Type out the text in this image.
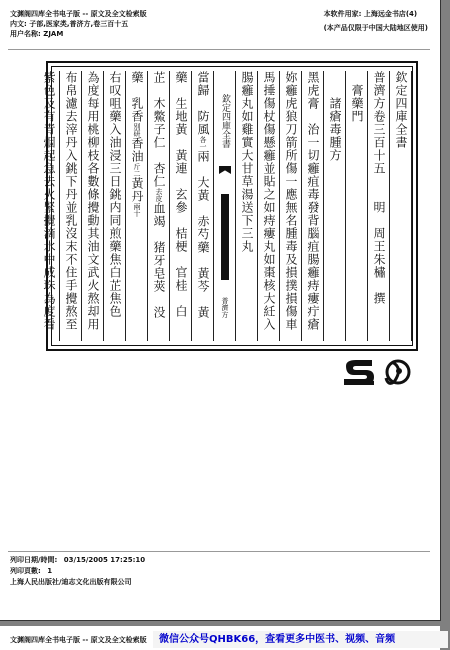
文渊阁四库全书电子版 -- 原文及全文检索版
内文: 子部,医家类,普济方,卷三百十五
用户名称: ZJAM
本软件用家: 上海远金书店(4)
(本产品仅限于中国大陆地区使用)
欽定四庫全書
普濟方卷三百十五　　明　周王朱橚　撰
　膏藥門
　　諸瘡毒腫方
黑虎膏　治一切癰疽毒發背腦疽腸癰痔瘻疔瘡
妳癰虎狼刀箭所傷一應無名腫毒及損撲損傷車
馬捶傷杖傷懸癰並貼之如痔瘻丸如棗核大紝入
腸癰丸如雞實大甘草湯送下三丸
欽定四庫全書   普濟方
當歸　防風各一兩　大黃　赤芍藥　黃芩　黃
藥　生地黃　黃連　玄參　桔梗　官桂　白
芷　木鱉子仁　杏仁去皮血竭　猪牙皂莢　没
藥　乳香別研香油斤二黃丹兩十
右叹咀藥入油浸三日銚内同煎藥焦白芷焦色
為度每用桃柳枝各數條攪動其油文武火熬却用
布帛濾去滓丹入銚下丹並乳沒末不住手攪熬至
紫色及有青烟起急去火緊攪滴水中成珠為度看
列印日期/時間: 03/15/2005 17:25:10
列印頁數: 1
上海人民出版社/迪志文化出版有限公司
文渊阁四库全书电子版 -- 原文及全文检索版	微信公众号QHBK66，查看更多中医书、视频、音频
